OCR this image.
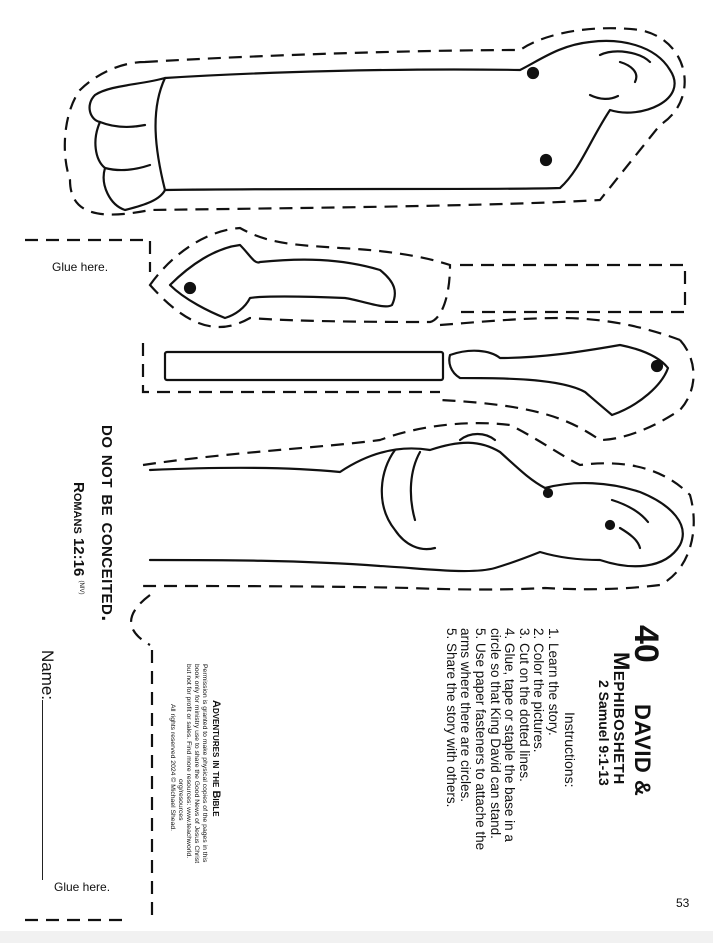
Glue here.
Glue here.
do not be conceited.
Romans 12:16 $^{(NIV)}$
Name:
40
DAVID &
Mephibosheth
2 Samuel 9:1-13
Instructions:
1. Learn the story.
2. Color the pictures.
3. Cut on the dotted lines.
4. Glue, tape or staple the base in a
circle so that King David can stand.
5. Use paper fasteners to attache the
arms where there are circles.
5. Share the story with others.
Adventures in the Bible
Permission is granted to make physical copies of the pages in this
book only for ministry use to share the Good News of Jesus Christ
but not for profit or sales. Find more resources: www.teachworld.
org/resources
All rights reserved 2024 © Michael Shead.
53
